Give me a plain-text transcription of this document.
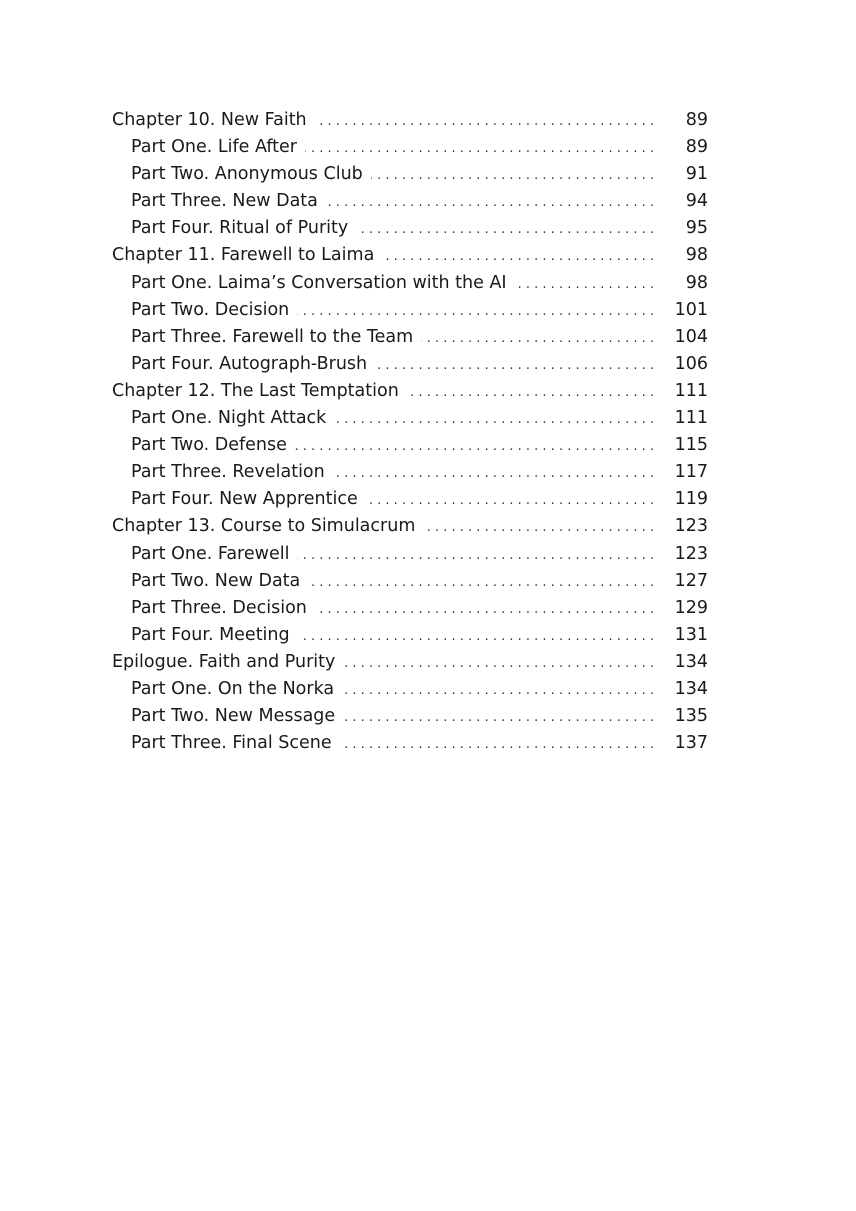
Chapter 10. New Faith . . .	89
Part One. Life After . . .	89
Part Two. Anonymous Club . . .	91
Part Three. New Data . . .	94
Part Four. Ritual of Purity . . .	95
Chapter 11. Farewell to Laima . . .	98
Part One. Laima’s Conversation with the AI . . .	98
Part Two. Decision . . .	101
Part Three. Farewell to the Team . . .	104
Part Four. Autograph-Brush . . .	106
Chapter 12. The Last Temptation . . .	111
Part One. Night Attack . . .	111
Part Two. Defense . . .	115
Part Three. Revelation . . .	117
Part Four. New Apprentice . . .	119
Chapter 13. Course to Simulacrum . . .	123
Part One. Farewell . . .	123
Part Two. New Data . . .	127
Part Three. Decision . . .	129
Part Four. Meeting . . .	131
Epilogue. Faith and Purity . . .	134
Part One. On the Norka . . .	134
Part Two. New Message . . .	135
Part Three. Final Scene . . .	137
